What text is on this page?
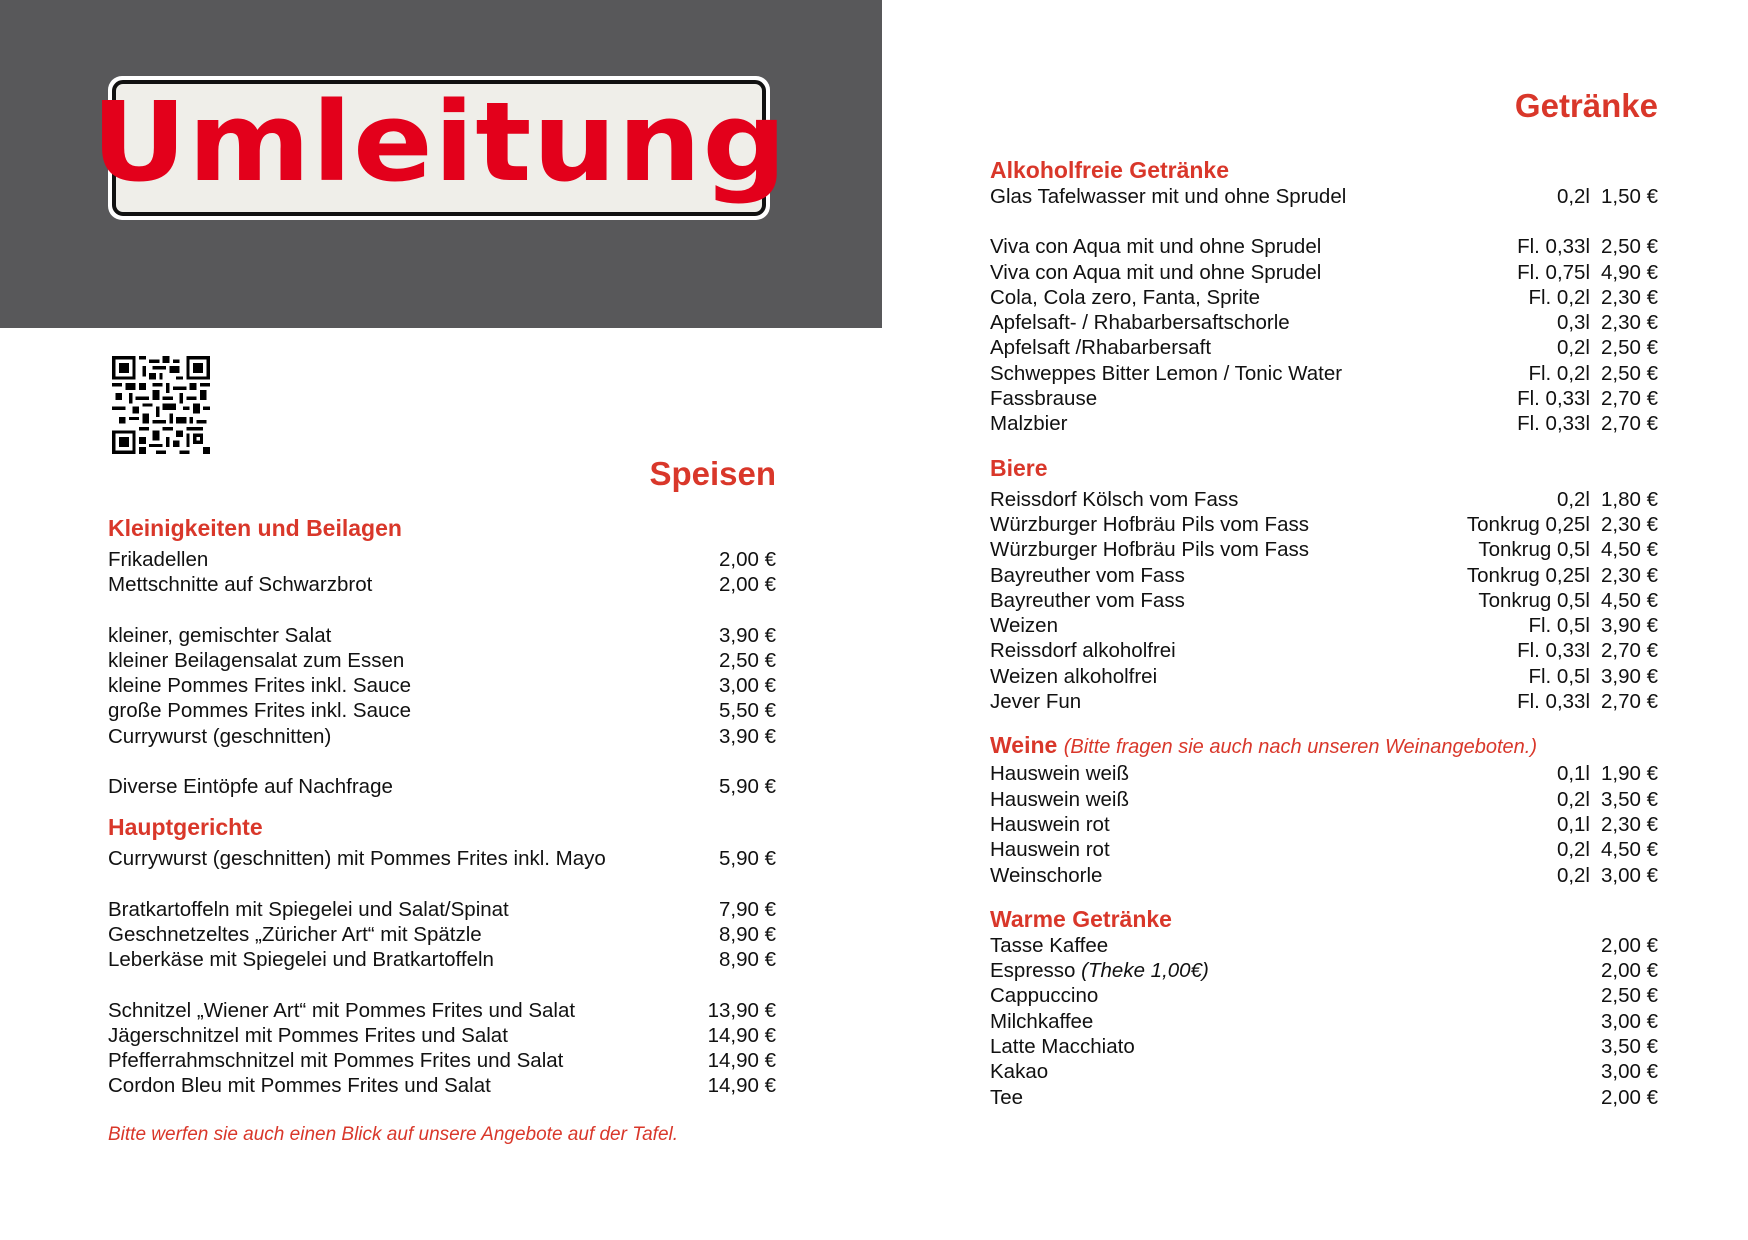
Umleitung
Speisen
Kleinigkeiten und Beilagen
Frikadellen	2,00 €
Mettschnitte auf Schwarzbrot	2,00 €
kleiner, gemischter Salat	3,90 €
kleiner Beilagensalat zum Essen	2,50 €
kleine Pommes Frites inkl. Sauce	3,00 €
große Pommes Frites inkl. Sauce	5,50 €
Currywurst (geschnitten)	3,90 €
Diverse Eintöpfe auf Nachfrage	5,90 €
Hauptgerichte
Currywurst (geschnitten) mit Pommes Frites inkl. Mayo	5,90 €
Bratkartoffeln mit Spiegelei und Salat/Spinat	7,90 €
Geschnetzeltes „Züricher Art“ mit Spätzle	8,90 €
Leberkäse mit Spiegelei und Bratkartoffeln	8,90 €
Schnitzel „Wiener Art“ mit Pommes Frites und Salat	13,90 €
Jägerschnitzel mit Pommes Frites und Salat	14,90 €
Pfefferrahmschnitzel mit Pommes Frites und Salat	14,90 €
Cordon Bleu mit Pommes Frites und Salat	14,90 €
Bitte werfen sie auch einen Blick auf unsere Angebote auf der Tafel.
Getränke
Alkoholfreie Getränke
Glas Tafelwasser mit und ohne Sprudel	0,2l 1,50 €
Viva con Aqua mit und ohne Sprudel	Fl. 0,33l 2,50 €
Viva con Aqua mit und ohne Sprudel	Fl. 0,75l 4,90 €
Cola, Cola zero, Fanta, Sprite	Fl. 0,2l 2,30 €
Apfelsaft- / Rhabarbersaftschorle	0,3l 2,30 €
Apfelsaft /Rhabarbersaft	0,2l 2,50 €
Schweppes Bitter Lemon / Tonic Water	Fl. 0,2l 2,50 €
Fassbrause	Fl. 0,33l 2,70 €
Malzbier	Fl. 0,33l 2,70 €
Biere
Reissdorf Kölsch vom Fass	0,2l 1,80 €
Würzburger Hofbräu Pils vom Fass	Tonkrug 0,25l 2,30 €
Würzburger Hofbräu Pils vom Fass	Tonkrug 0,5l 4,50 €
Bayreuther vom Fass	Tonkrug 0,25l 2,30 €
Bayreuther vom Fass	Tonkrug 0,5l 4,50 €
Weizen	Fl. 0,5l 3,90 €
Reissdorf alkoholfrei	Fl. 0,33l 2,70 €
Weizen alkoholfrei	Fl. 0,5l 3,90 €
Jever Fun	Fl. 0,33l 2,70 €
Weine (Bitte fragen sie auch nach unseren Weinangeboten.)
Hauswein weiß	0,1l 1,90 €
Hauswein weiß	0,2l 3,50 €
Hauswein rot	0,1l 2,30 €
Hauswein rot	0,2l 4,50 €
Weinschorle	0,2l 3,00 €
Warme Getränke
Tasse Kaffee	2,00 €
Espresso (Theke 1,00€)	2,00 €
Cappuccino	2,50 €
Milchkaffee	3,00 €
Latte Macchiato	3,50 €
Kakao	3,00 €
Tee	2,00 €
